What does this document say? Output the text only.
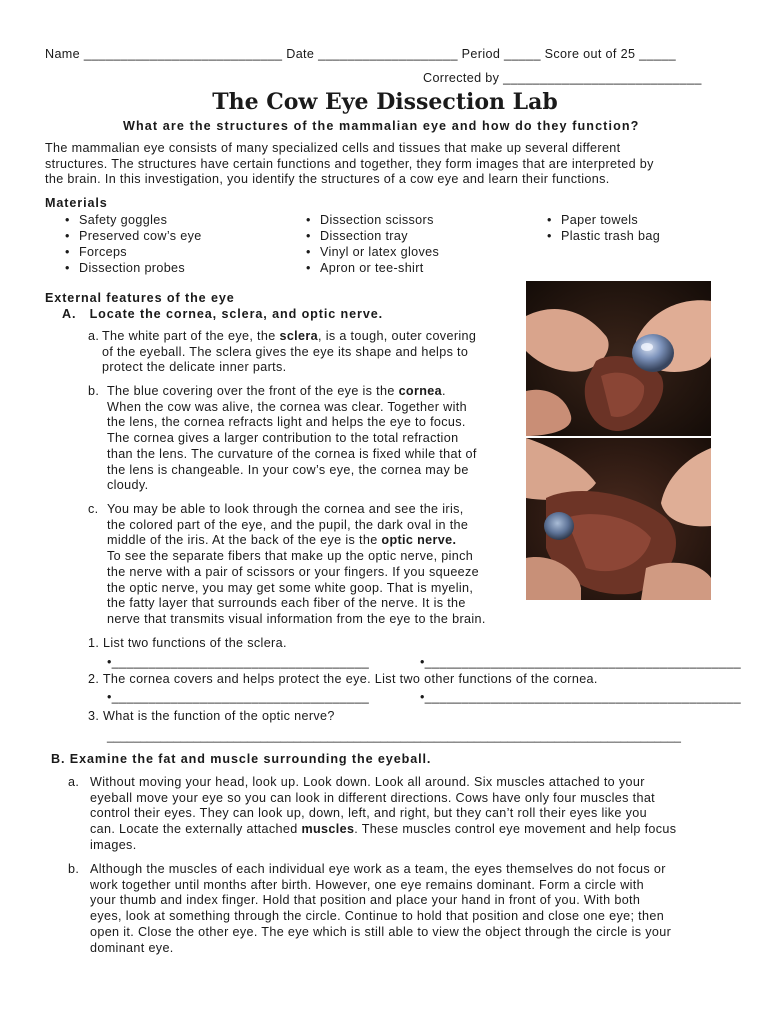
Name ___________________________ Date ___________________ Period _____ Score out of 25 _____
Corrected by ___________________________
The Cow Eye Dissection Lab
What are the structures of the mammalian eye and how do they function?
The mammalian eye consists of many specialized cells and tissues that make up several different
structures. The structures have certain functions and together, they form images that are interpreted by
the brain. In this investigation, you identify the structures of a cow eye and learn their functions.
Materials
• Safety goggles
• Preserved cow’s eye
• Forceps
• Dissection probes
• Dissection scissors
• Dissection tray
• Vinyl or latex gloves
• Apron or tee-shirt
• Paper towels
• Plastic trash bag
External features of the eye
A.   Locate the cornea, sclera, and optic nerve.
a. The white part of the eye, the sclera, is a tough, outer covering
of the eyeball. The sclera gives the eye its shape and helps to
protect the delicate inner parts.
b. The blue covering over the front of the eye is the cornea.
When the cow was alive, the cornea was clear. Together with
the lens, the cornea refracts light and helps the eye to focus.
The cornea gives a larger contribution to the total refraction
than the lens. The curvature of the cornea is fixed while that of
the lens is changeable. In your cow’s eye, the cornea may be
cloudy.
c. You may be able to look through the cornea and see the iris,
the colored part of the eye, and the pupil, the dark oval in the
middle of the iris. At the back of the eye is the optic nerve.
To see the separate fibers that make up the optic nerve, pinch
the nerve with a pair of scissors or your fingers. If you squeeze
the optic nerve, you may get some white goop. That is myelin,
the fatty layer that surrounds each fiber of the nerve. It is the
nerve that transmits visual information from the eye to the brain.
1. List two functions of the sclera.
•___________________________________	•___________________________________________
2. The cornea covers and helps protect the eye. List two other functions of the cornea.
•___________________________________	•___________________________________________
3. What is the function of the optic nerve?
______________________________________________________________________________________
B. Examine the fat and muscle surrounding the eyeball.
a. Without moving your head, look up. Look down. Look all around. Six muscles attached to your
eyeball move your eye so you can look in different directions. Cows have only four muscles that
control their eyes. They can look up, down, left, and right, but they can’t roll their eyes like you
can. Locate the externally attached muscles. These muscles control eye movement and help focus
images.
b. Although the muscles of each individual eye work as a team, the eyes themselves do not focus or
work together until months after birth. However, one eye remains dominant. Form a circle with
your thumb and index finger. Hold that position and place your hand in front of you. With both
eyes, look at something through the circle. Continue to hold that position and close one eye; then
open it. Close the other eye. The eye which is still able to view the object through the circle is your
dominant eye.
